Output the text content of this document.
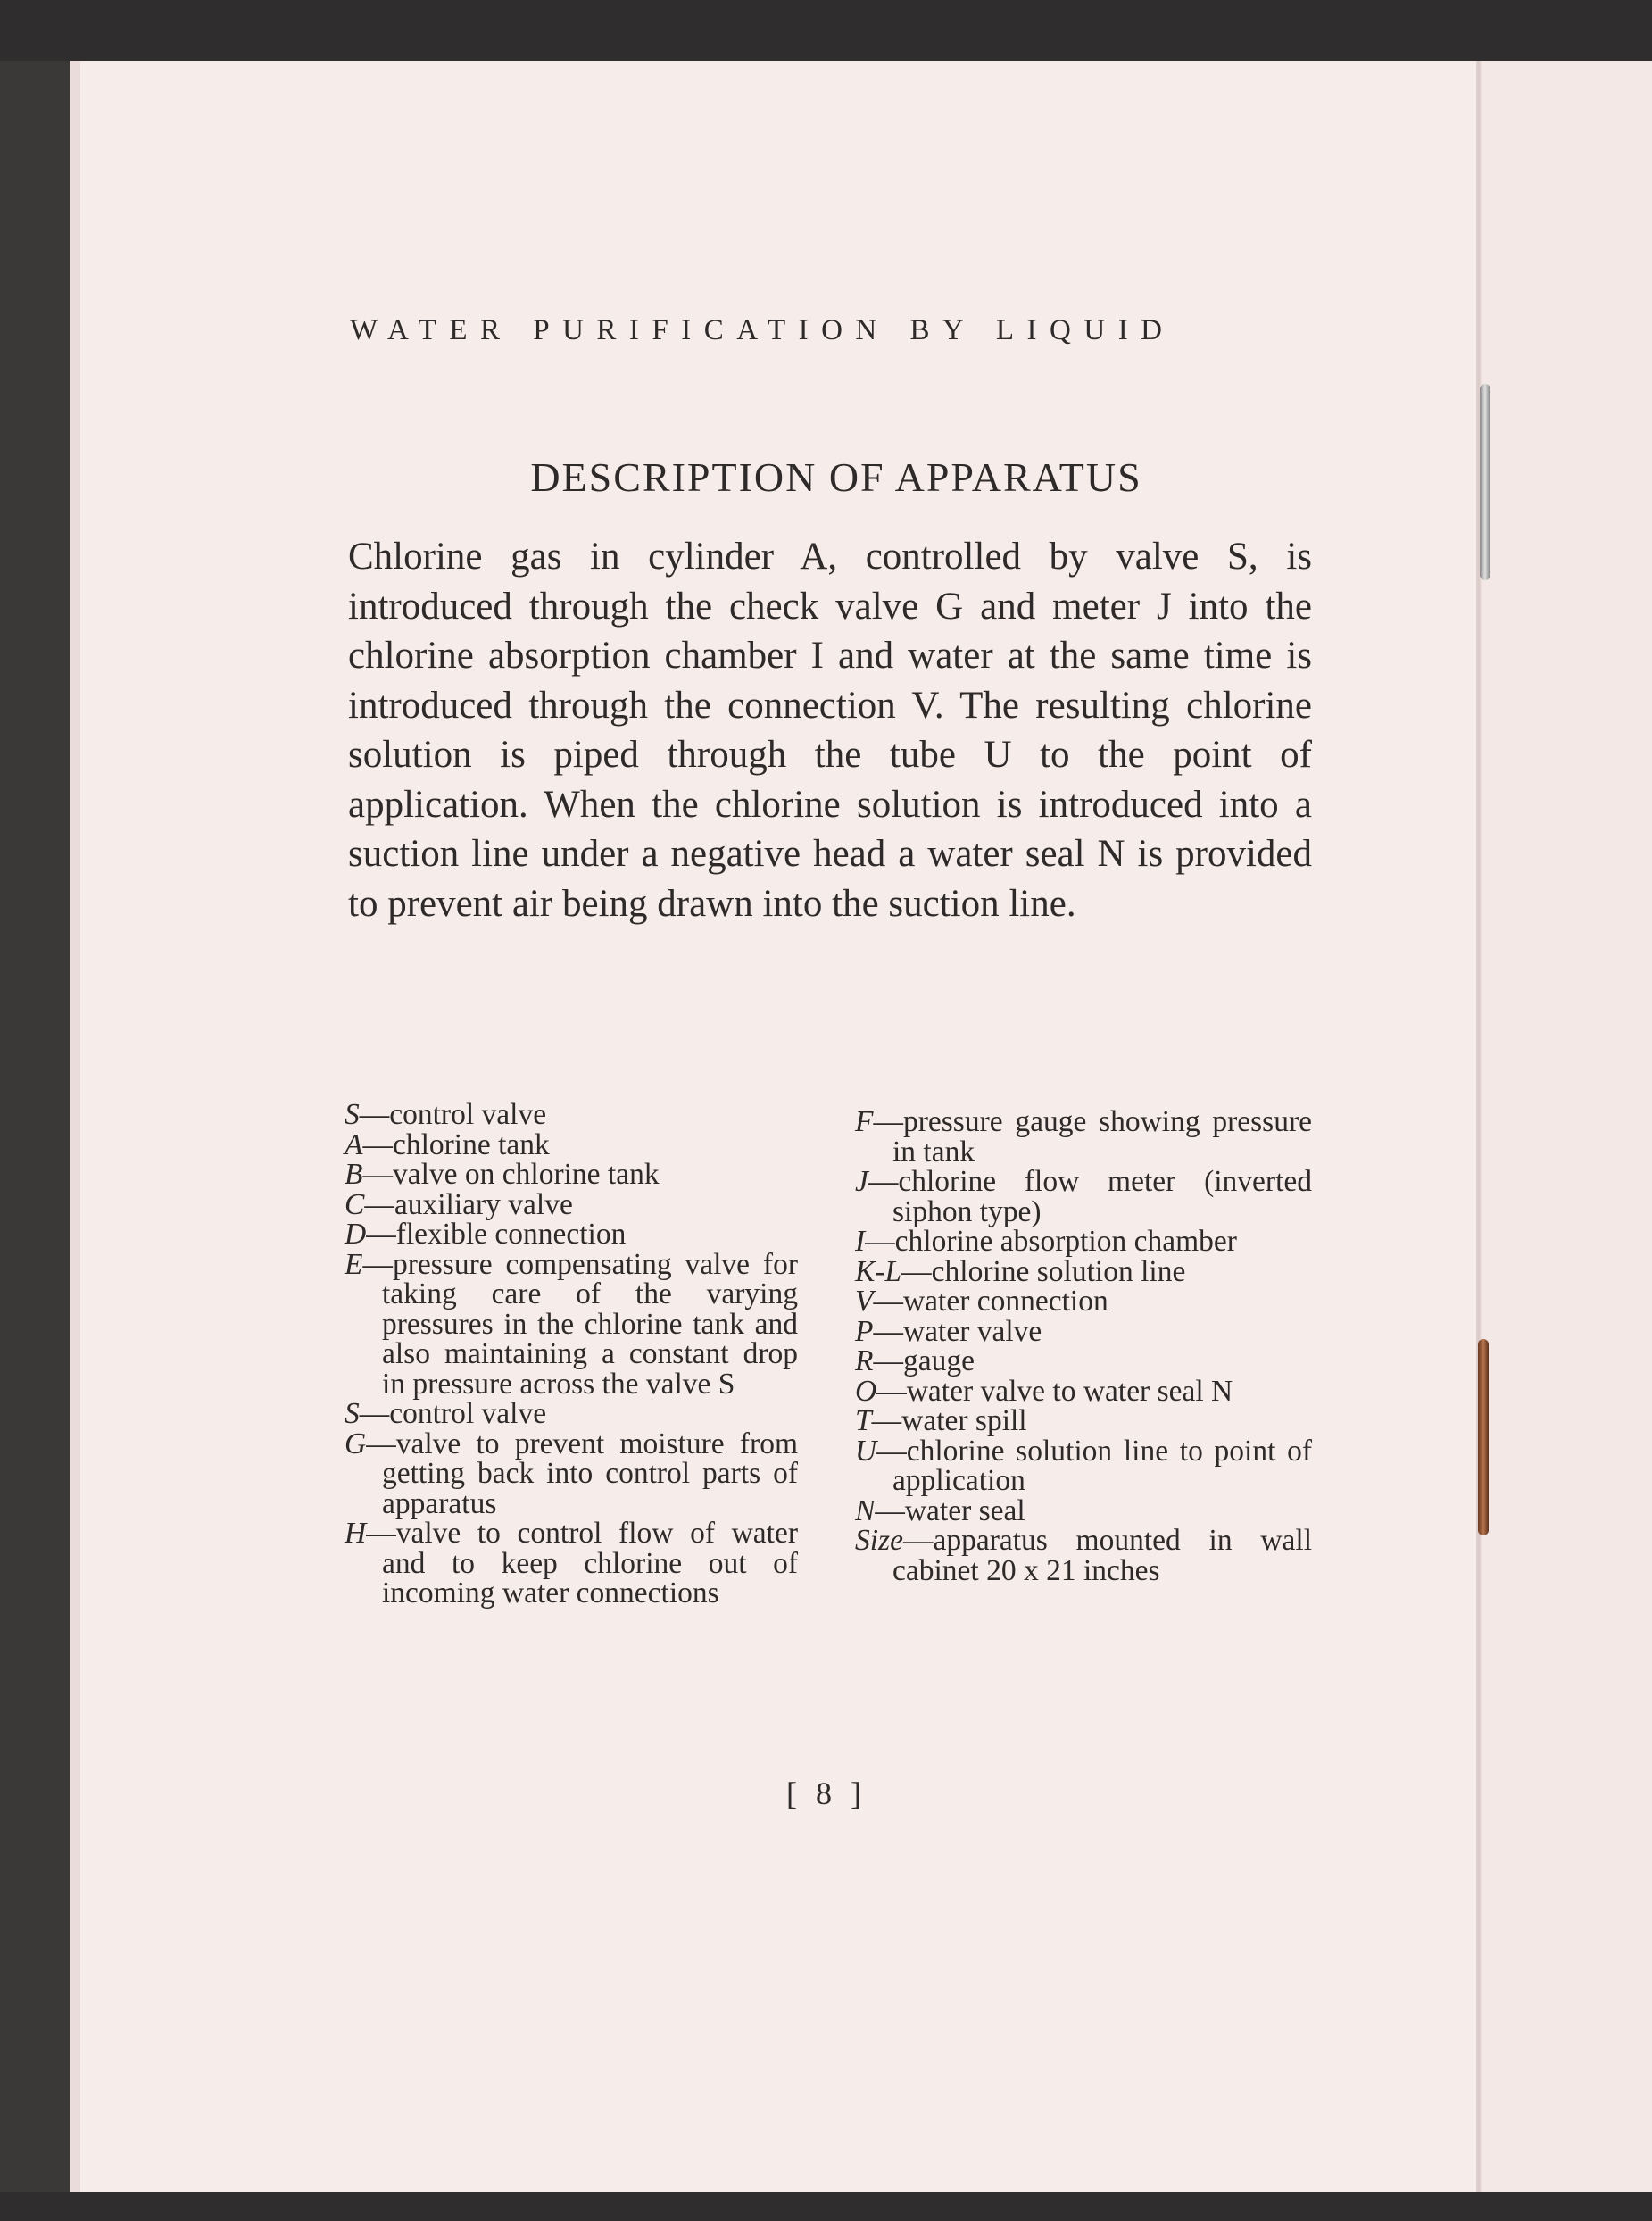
WATER PURIFICATION BY LIQUID
DESCRIPTION OF APPARATUS

Chlorine gas in cylinder A, controlled by valve S, is introduced through the check valve G and meter J into the chlorine absorption chamber I and water at the same time is introduced through the connection V. The resulting chlorine solution is piped through the tube U to the point of application. When the chlorine solution is introduced into a suction line under a negative head a water seal N is provided to prevent air being drawn into the suction line.

S—control valve

A—chlorine tank

B—valve on chlorine tank

C—auxiliary valve

D—flexible connection

E—pressure compensating valve for taking care of the varying pressures in the chlorine tank and also maintaining a constant drop in pressure across the valve S

S—control valve

G—valve to prevent moisture from getting back into control parts of apparatus

H—valve to control flow of water and to keep chlorine out of incoming water connections

F—pressure gauge showing pressure in tank

J—chlorine flow meter (inverted siphon type)

I—chlorine absorption chamber

K-L—chlorine solution line

V—water connection

P—water valve

R—gauge

O—water valve to water seal N

T—water spill

U—chlorine solution line to point of application

N—water seal

Size—apparatus mounted in wall cabinet 20 x 21 inches

[ 8 ]
